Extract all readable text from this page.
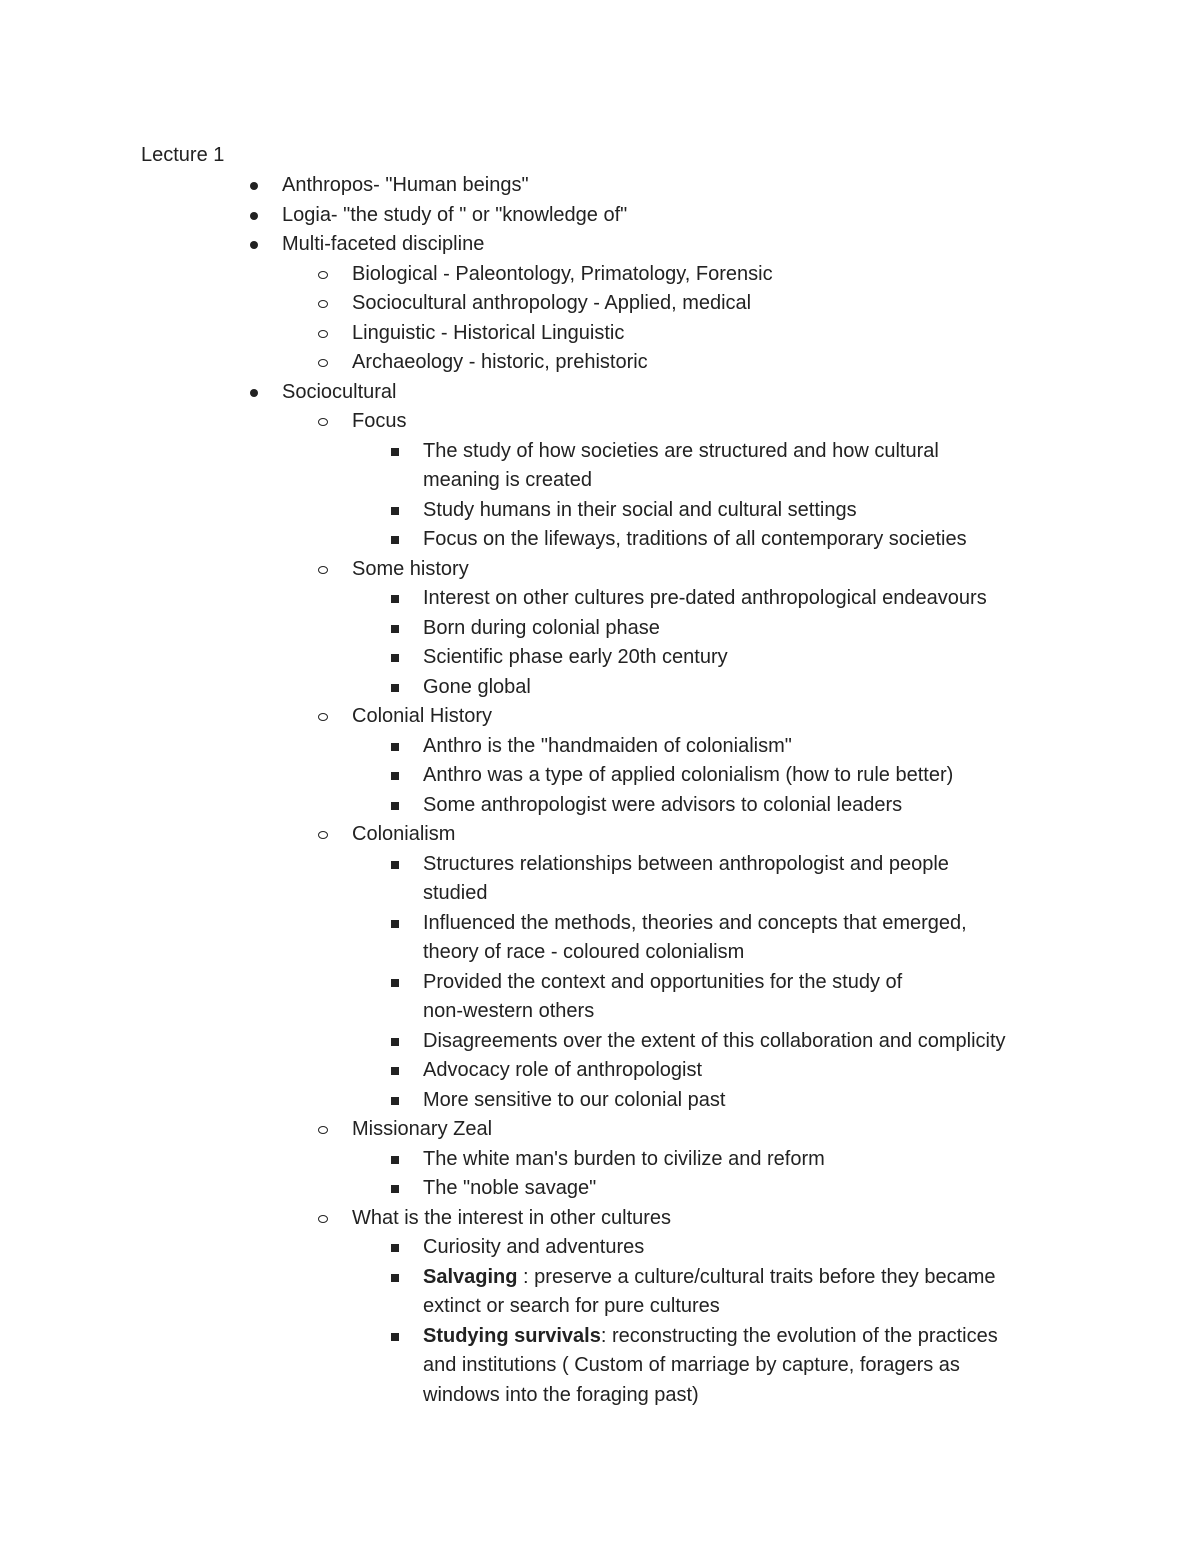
Lecture 1
Anthropos- "Human beings"
Logia- "the study of " or "knowledge of"
Multi-faceted discipline
Biological - Paleontology, Primatology, Forensic
Sociocultural anthropology - Applied, medical
Linguistic - Historical Linguistic
Archaeology - historic, prehistoric
Sociocultural
Focus
The study of how societies are structured and how cultural
meaning is created
Study humans in their social and cultural settings
Focus on the lifeways, traditions of all contemporary societies
Some history
Interest on other cultures pre-dated anthropological endeavours
Born during colonial phase
Scientific phase early 20th century
Gone global
Colonial History
Anthro is the "handmaiden of colonialism"
Anthro was a type of applied colonialism (how to rule better)
Some anthropologist were advisors to colonial leaders
Colonialism
Structures relationships between anthropologist and people
studied
Influenced the methods, theories and concepts that emerged,
theory of race - coloured colonialism
Provided the context and opportunities for the study of
non-western others
Disagreements over the extent of this collaboration and complicity
Advocacy role of anthropologist
More sensitive to our colonial past
Missionary Zeal
The white man's burden to civilize and reform
The "noble savage"
What is the interest in other cultures
Curiosity and adventures
Salvaging : preserve a culture/cultural traits before they became
extinct or search for pure cultures
Studying survivals: reconstructing the evolution of the practices
and institutions ( Custom of marriage by capture, foragers as
windows into the foraging past)
